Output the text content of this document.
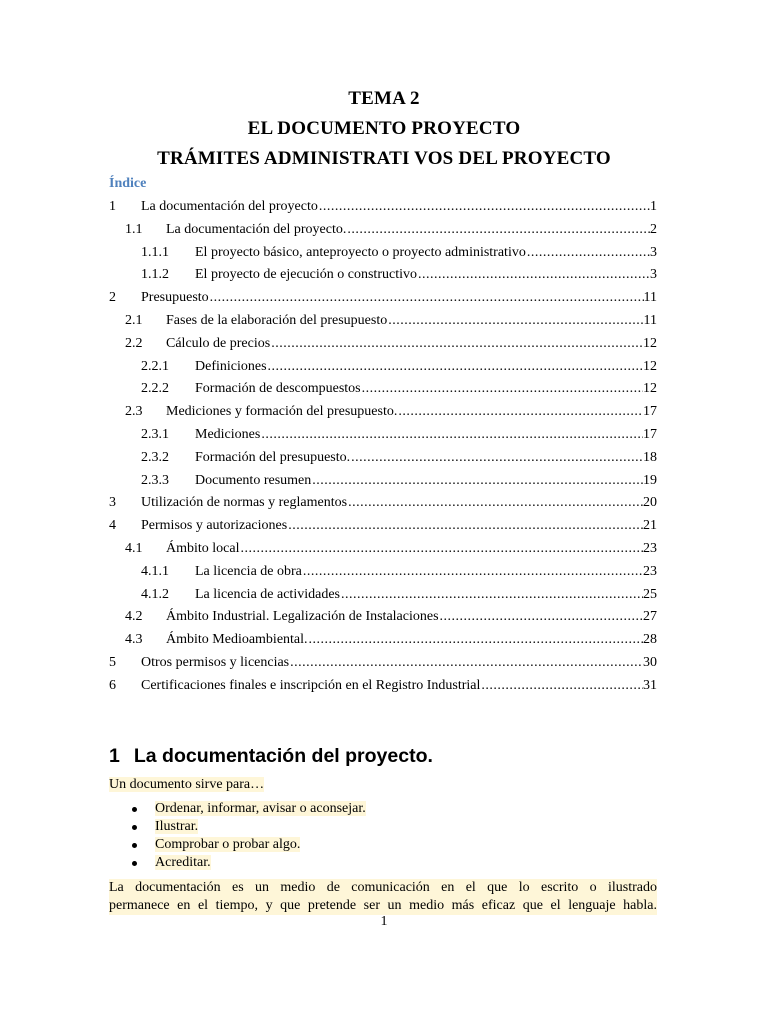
TEMA 2
EL DOCUMENTO PROYECTO
TRÁMITES ADMINISTRATI VOS DEL PROYECTO
Índice
1 La documentación del proyecto .....	1
1.1 La documentación del proyecto. .....	2
1.1.1 El proyecto básico, anteproyecto o proyecto administrativo .....	3
1.1.2 El proyecto de ejecución o constructivo .....	3
2 Presupuesto .....	11
2.1 Fases de la elaboración del presupuesto .....	11
2.2 Cálculo de precios .....	12
2.2.1 Definiciones .....	12
2.2.2 Formación de descompuestos .....	12
2.3 Mediciones y formación del presupuesto. .....	17
2.3.1 Mediciones .....	17
2.3.2 Formación del presupuesto. .....	18
2.3.3 Documento resumen .....	19
3 Utilización de normas y reglamentos .....	20
4 Permisos y autorizaciones .....	21
4.1 Ámbito local .....	23
4.1.1 La licencia de obra .....	23
4.1.2 La licencia de actividades .....	25
4.2 Ámbito Industrial. Legalización de Instalaciones .....	27
4.3 Ámbito Medioambiental. .....	28
5 Otros permisos y licencias .....	30
6 Certificaciones finales e inscripción en el Registro Industrial .....	31
1 La documentación del proyecto.
Un documento sirve para…
Ordenar, informar, avisar o aconsejar.
Ilustrar.
Comprobar o probar algo.
Acreditar.
La documentación es un medio de comunicación en el que lo escrito o ilustrado
permanece en el tiempo, y que pretende ser un medio más eficaz que el lenguaje habla.
1
